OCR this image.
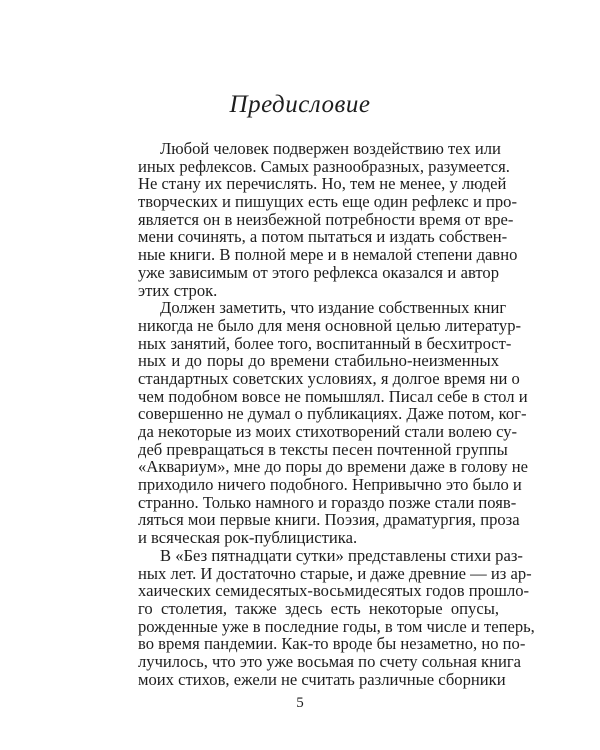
Предисловие
Любой человек подвержен воздействию тех или
иных рефлексов. Самых разнообразных, разумеется.
Не стану их перечислять. Но, тем не менее, у людей
творческих и пишущих есть еще один рефлекс и про-
является он в неизбежной потребности время от вре-
мени сочинять, а потом пытаться и издать собствен-
ные книги. В полной мере и в немалой степени давно
уже зависимым от этого рефлекса оказался и автор
этих строк.
Должен заметить, что издание собственных книг
никогда не было для меня основной целью литератур-
ных занятий, более того, воспитанный в бесхитрост-
ных и до поры до времени стабильно-неизменных
стандартных советских условиях, я долгое время ни о
чем подобном вовсе не помышлял. Писал себе в стол и
совершенно не думал о публикациях. Даже потом, ког-
да некоторые из моих стихотворений стали волею су-
деб превращаться в тексты песен почтенной группы
«Аквариум», мне до поры до времени даже в голову не
приходило ничего подобного. Непривычно это было и
странно. Только намного и гораздо позже стали появ-
ляться мои первые книги. Поэзия, драматургия, проза
и всяческая рок-публицистика.
В «Без пятнадцати сутки» представлены стихи раз-
ных лет. И достаточно старые, и даже древние — из ар-
хаических семидесятых-восьмидесятых годов прошло-
го столетия, также здесь есть некоторые опусы,
рожденные уже в последние годы, в том числе и теперь,
во время пандемии. Как-то вроде бы незаметно, но по-
лучилось, что это уже восьмая по счету сольная книга
моих стихов, ежели не считать различные сборники
5
